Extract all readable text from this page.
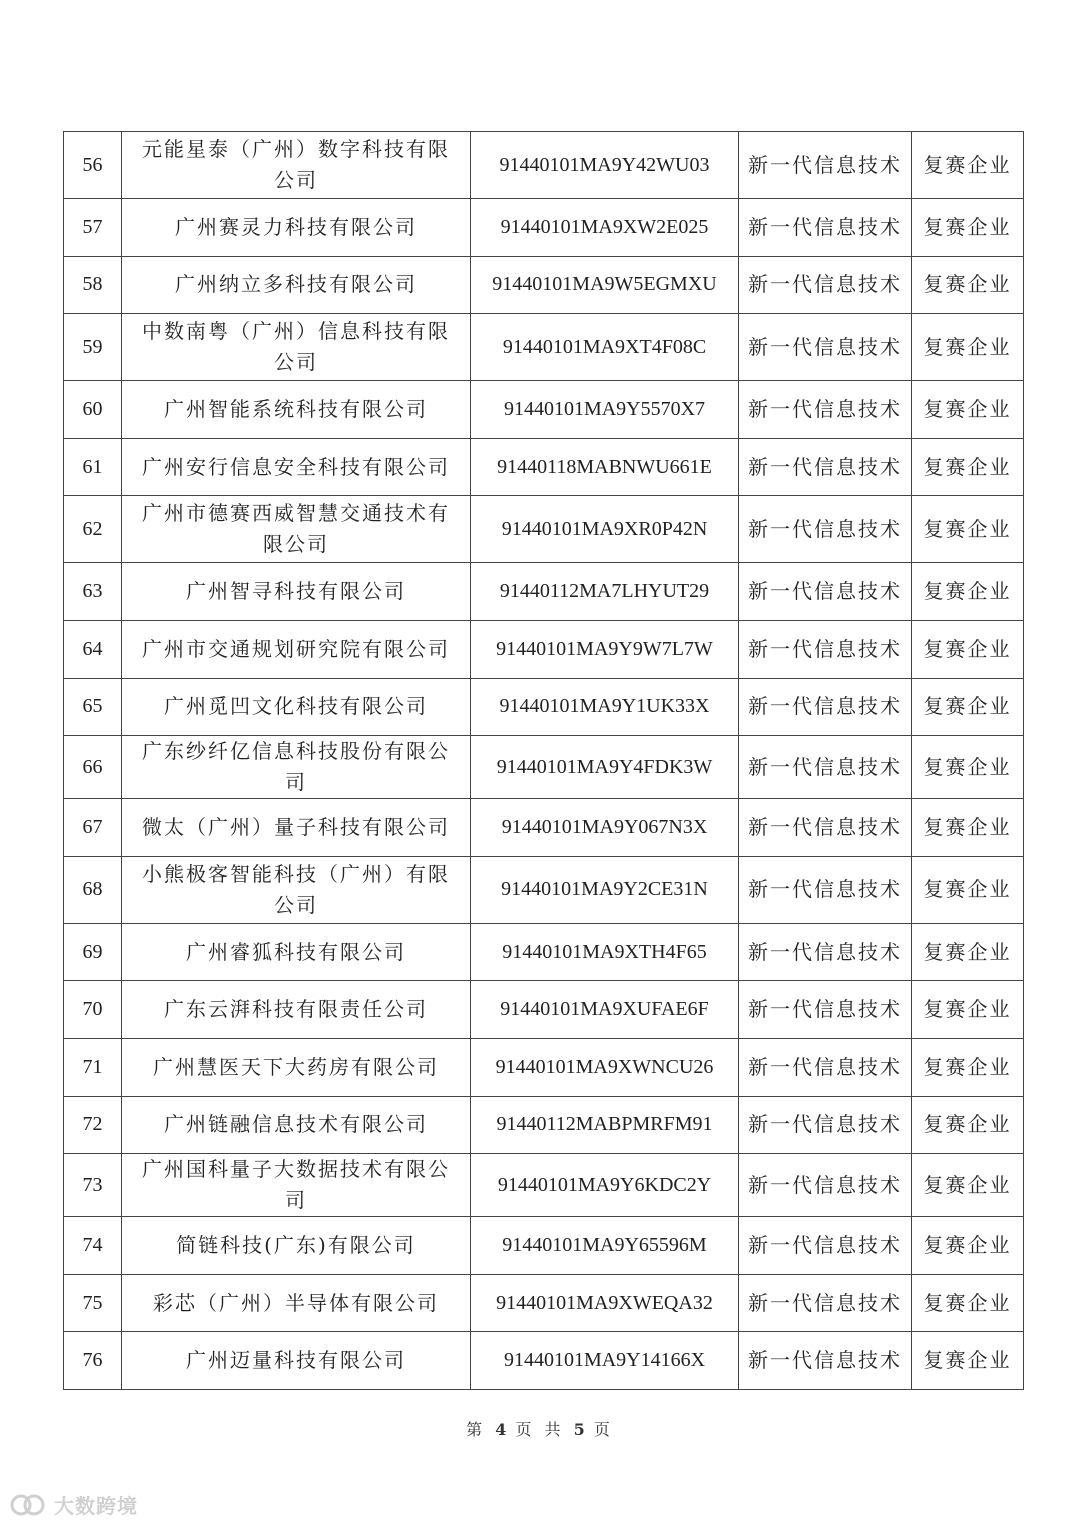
56	元能星泰（广州）数字科技有限公司	91440101MA9Y42WU03	新一代信息技术	复赛企业
57	广州赛灵力科技有限公司	91440101MA9XW2E025	新一代信息技术	复赛企业
58	广州纳立多科技有限公司	91440101MA9W5EGMXU	新一代信息技术	复赛企业
59	中数南粤（广州）信息科技有限公司	91440101MA9XT4F08C	新一代信息技术	复赛企业
60	广州智能系统科技有限公司	91440101MA9Y5570X7	新一代信息技术	复赛企业
61	广州安行信息安全科技有限公司	91440118MABNWU661E	新一代信息技术	复赛企业
62	广州市德赛西威智慧交通技术有限公司	91440101MA9XR0P42N	新一代信息技术	复赛企业
63	广州智寻科技有限公司	91440112MA7LHYUT29	新一代信息技术	复赛企业
64	广州市交通规划研究院有限公司	91440101MA9Y9W7L7W	新一代信息技术	复赛企业
65	广州觅凹文化科技有限公司	91440101MA9Y1UK33X	新一代信息技术	复赛企业
66	广东纱纤亿信息科技股份有限公司	91440101MA9Y4FDK3W	新一代信息技术	复赛企业
67	微太（广州）量子科技有限公司	91440101MA9Y067N3X	新一代信息技术	复赛企业
68	小熊极客智能科技（广州）有限公司	91440101MA9Y2CE31N	新一代信息技术	复赛企业
69	广州睿狐科技有限公司	91440101MA9XTH4F65	新一代信息技术	复赛企业
70	广东云湃科技有限责任公司	91440101MA9XUFAE6F	新一代信息技术	复赛企业
71	广州慧医天下大药房有限公司	91440101MA9XWNCU26	新一代信息技术	复赛企业
72	广州链融信息技术有限公司	91440112MABPMRFM91	新一代信息技术	复赛企业
73	广州国科量子大数据技术有限公司	91440101MA9Y6KDC2Y	新一代信息技术	复赛企业
74	简链科技(广东)有限公司	91440101MA9Y65596M	新一代信息技术	复赛企业
75	彩芯（广州）半导体有限公司	91440101MA9XWEQA32	新一代信息技术	复赛企业
76	广州迈量科技有限公司	91440101MA9Y14166X	新一代信息技术	复赛企业
第 4 页 共 5 页
大数跨境
